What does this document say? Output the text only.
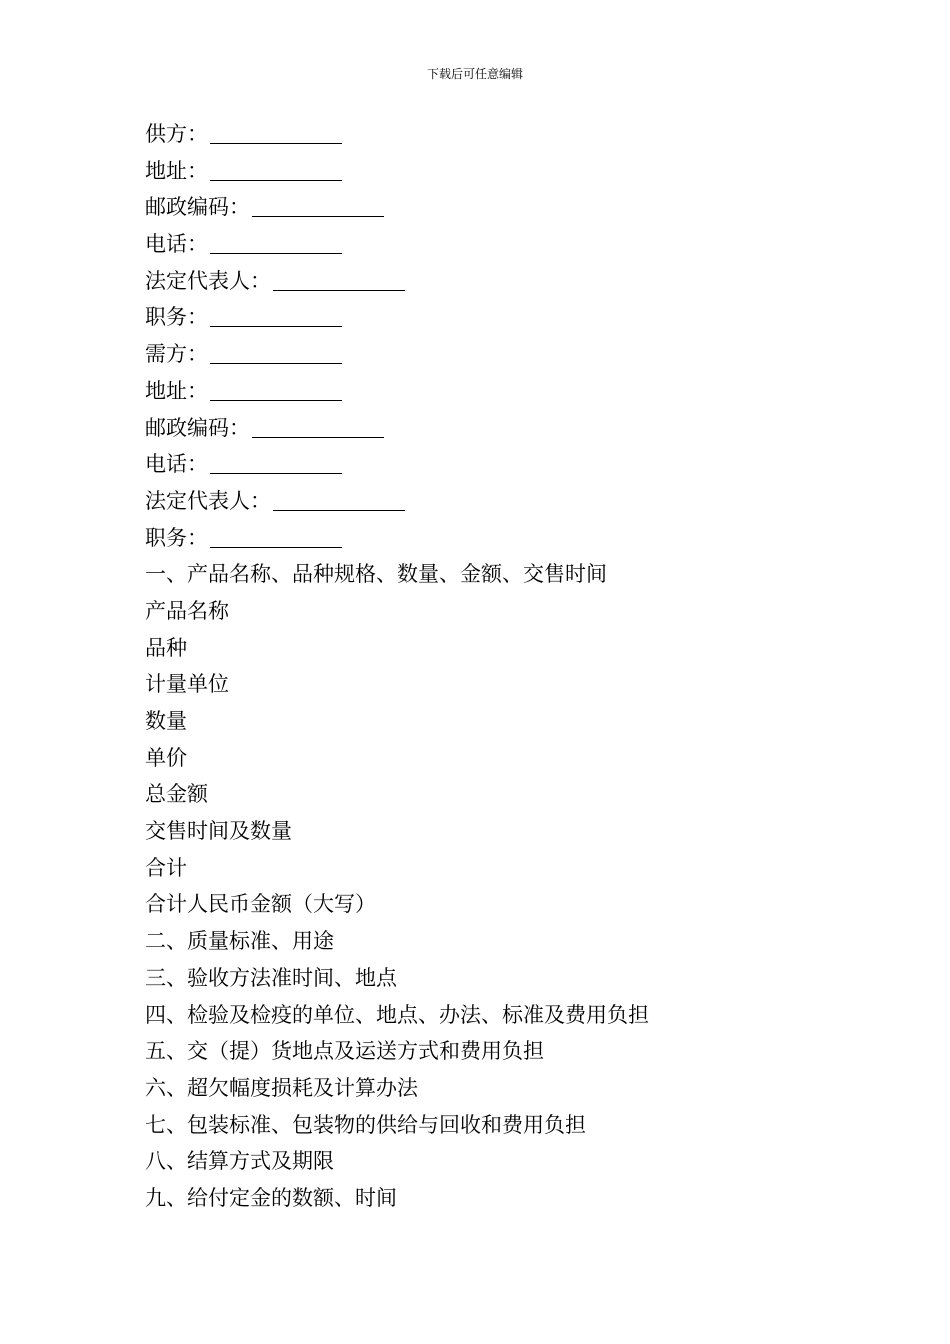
下载后可任意编辑
供方：
地址：
邮政编码：
电话：
法定代表人：
职务：
需方：
地址：
邮政编码：
电话：
法定代表人：
职务：
一、产品名称、品种规格、数量、金额、交售时间
产品名称
品种
计量单位
数量
单价
总金额
交售时间及数量
合计
合计人民币金额（大写）
二、质量标准、用途
三、验收方法准时间、地点
四、检验及检疫的单位、地点、办法、标准及费用负担
五、交（提）货地点及运送方式和费用负担
六、超欠幅度损耗及计算办法
七、包装标准、包装物的供给与回收和费用负担
八、结算方式及期限
九、给付定金的数额、时间
